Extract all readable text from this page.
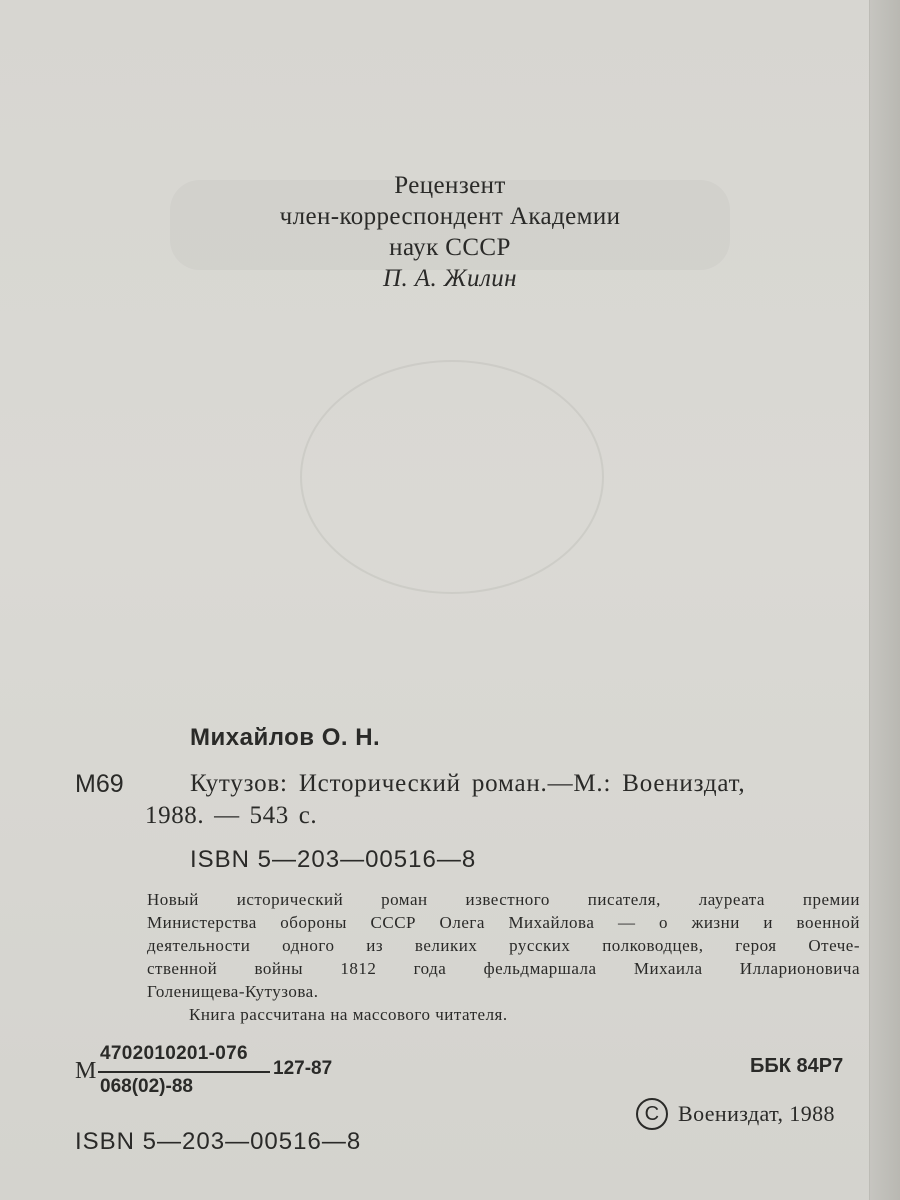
Рецензент
член-корреспондент Академии
наук СССР
П. А. Жилин
Михайлов О. Н.
М69	Кутузов: Исторический роман.—М.: Воениздат,
1988. — 543 с.
ISBN 5—203—00516—8
Новый исторический роман известного писателя, лауреата премии
Министерства обороны СССР Олега Михайлова — о жизни и военной
деятельности одного из великих русских полководцев, героя Отече-
ственной войны 1812 года фельдмаршала Михаила Илларионовича
Голенищева-Кутузова.
Книга рассчитана на массового читателя.
М
4702010201-076
068(02)-88
127-87	ББК 84Р7
C Воениздат, 1988
ISBN 5—203—00516—8
